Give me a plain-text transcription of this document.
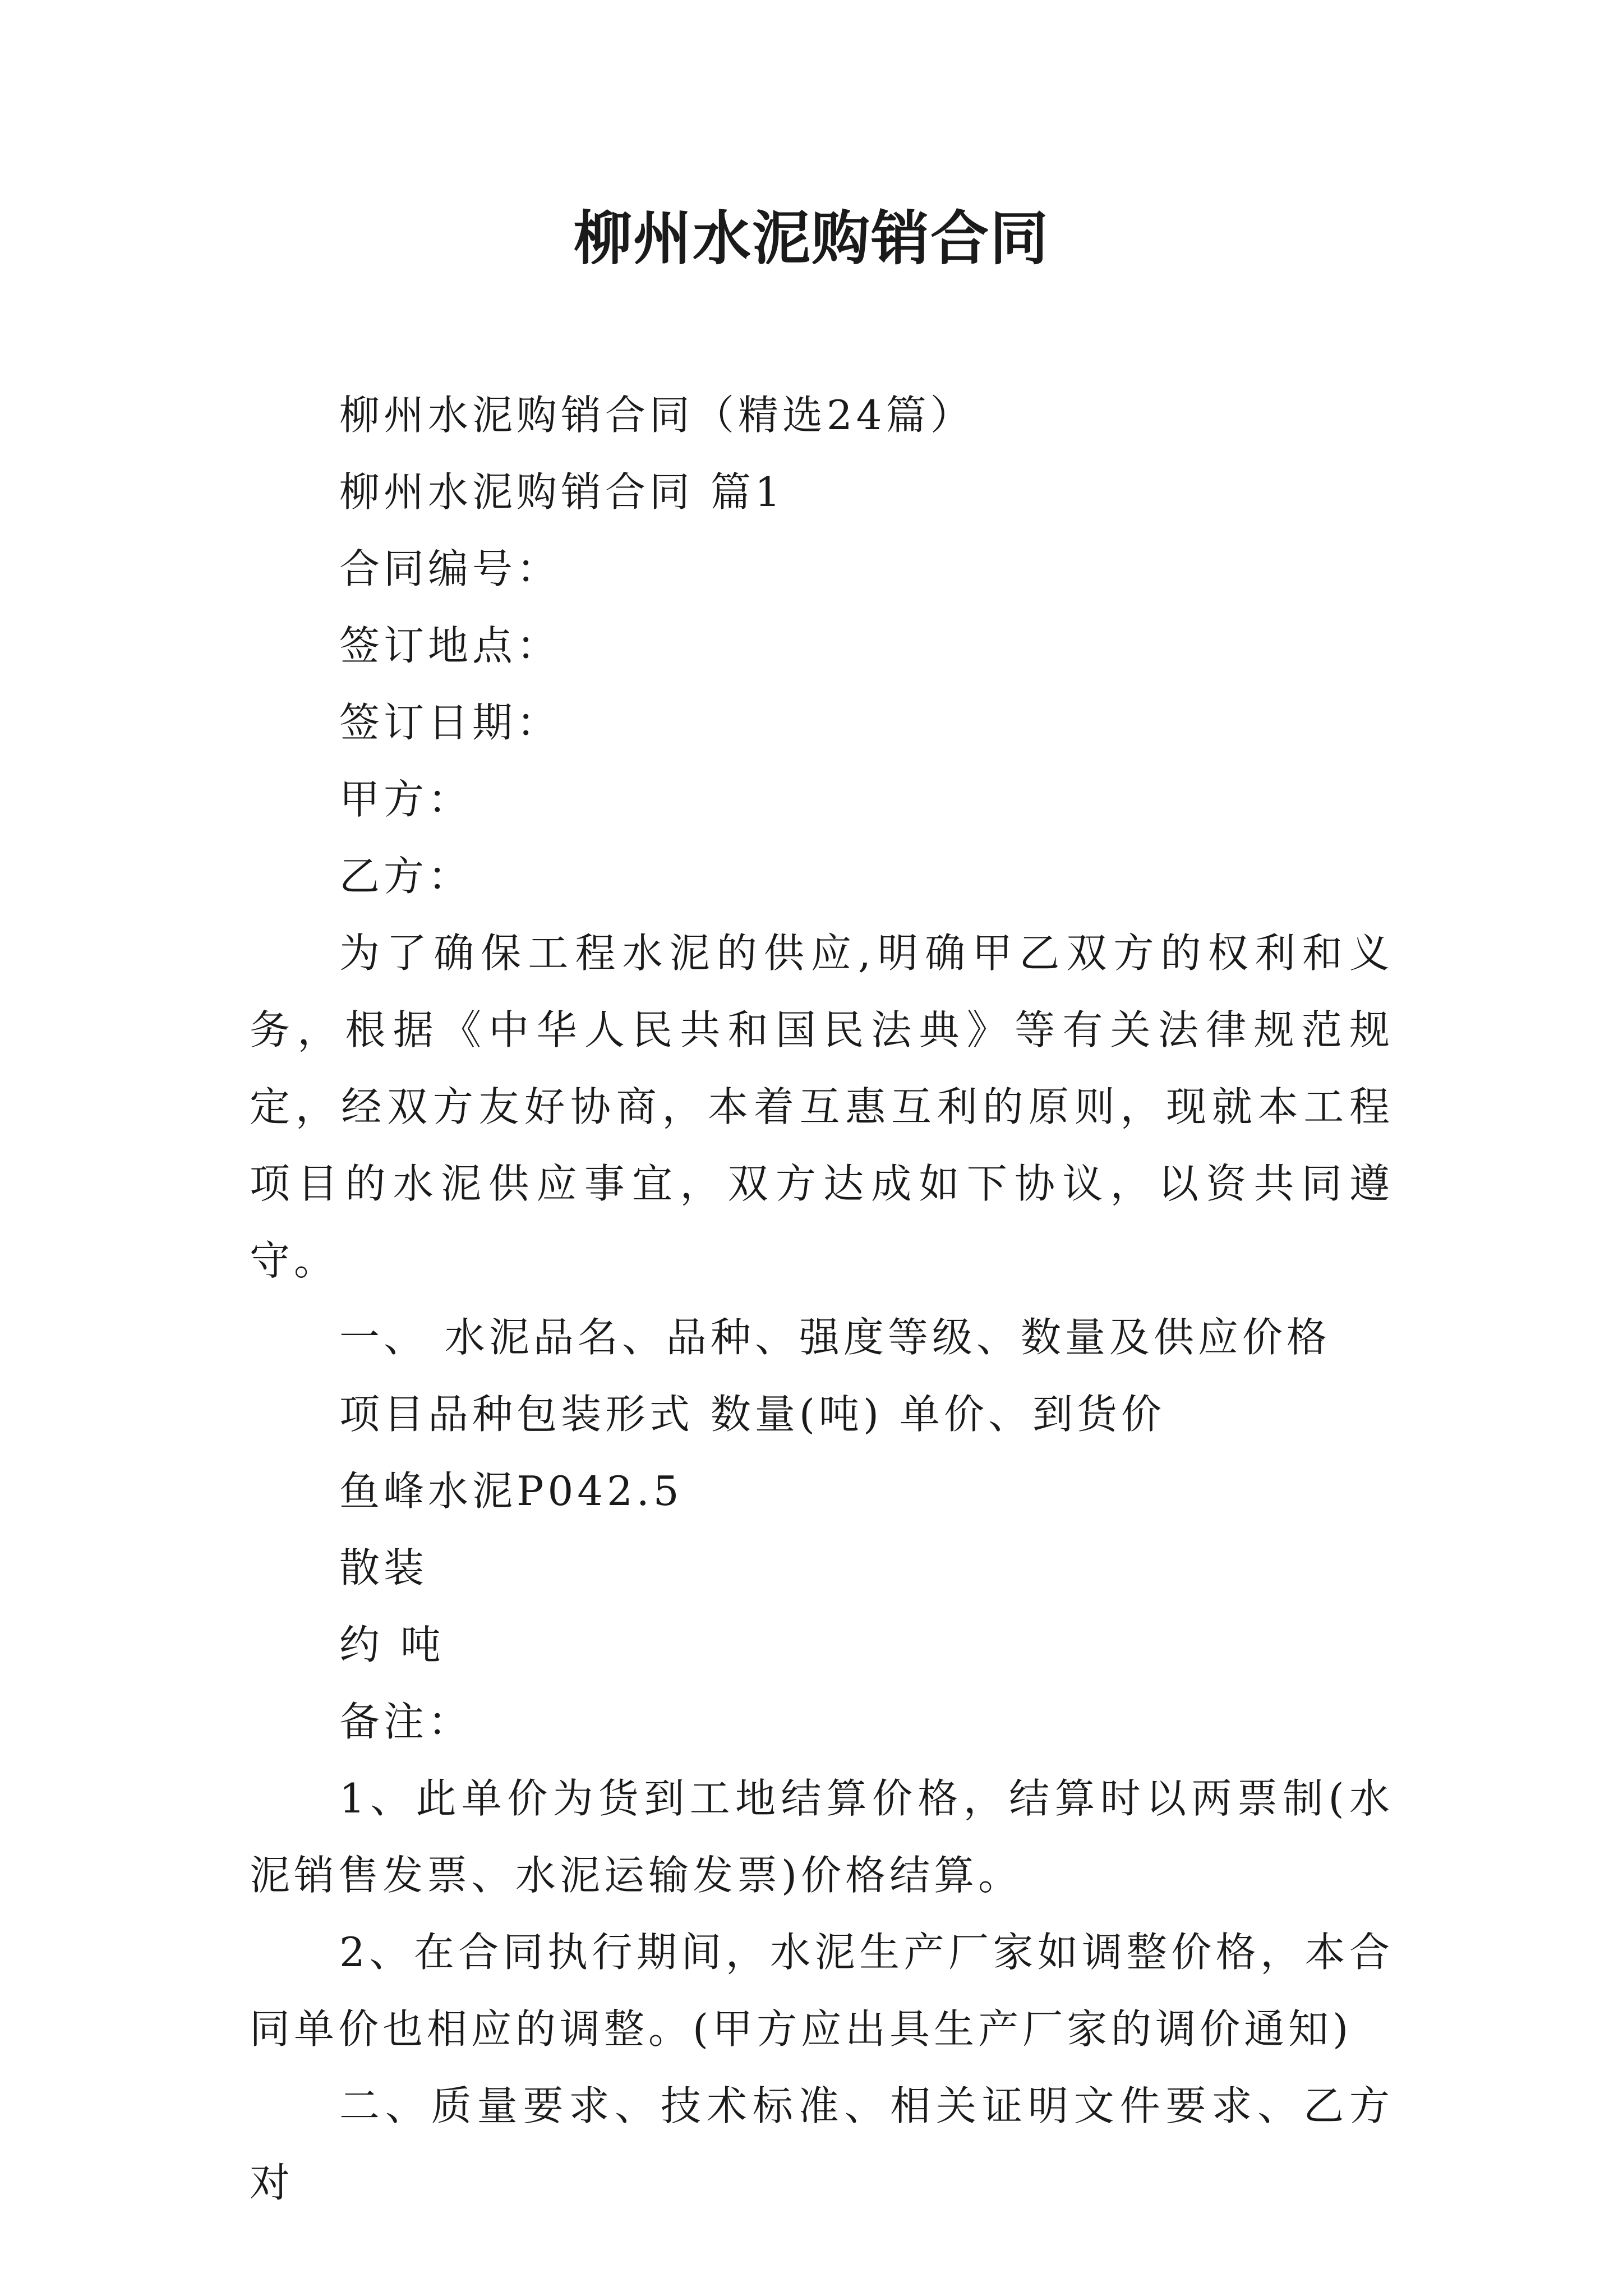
柳州水泥购销合同

柳州水泥购销合同（精选24篇）

柳州水泥购销合同 篇1

合同编号：

签订地点：

签订日期：

甲方：

乙方：

为了确保工程水泥的供应,明确甲乙双方的权利和义务，根据《中华人民共和国民法典》等有关法律规范规定，经双方友好协商，本着互惠互利的原则，现就本工程项目的水泥供应事宜，双方达成如下协议，以资共同遵守。

一、 水泥品名、品种、强度等级、数量及供应价格

项目品种包装形式 数量(吨) 单价、到货价

鱼峰水泥P042.5

散装

约 吨

备注：

1、此单价为货到工地结算价格，结算时以两票制(水泥销售发票、水泥运输发票)价格结算。

2、在合同执行期间，水泥生产厂家如调整价格，本合同单价也相应的调整。(甲方应出具生产厂家的调价通知)

二、质量要求、技术标准、相关证明文件要求、乙方对
